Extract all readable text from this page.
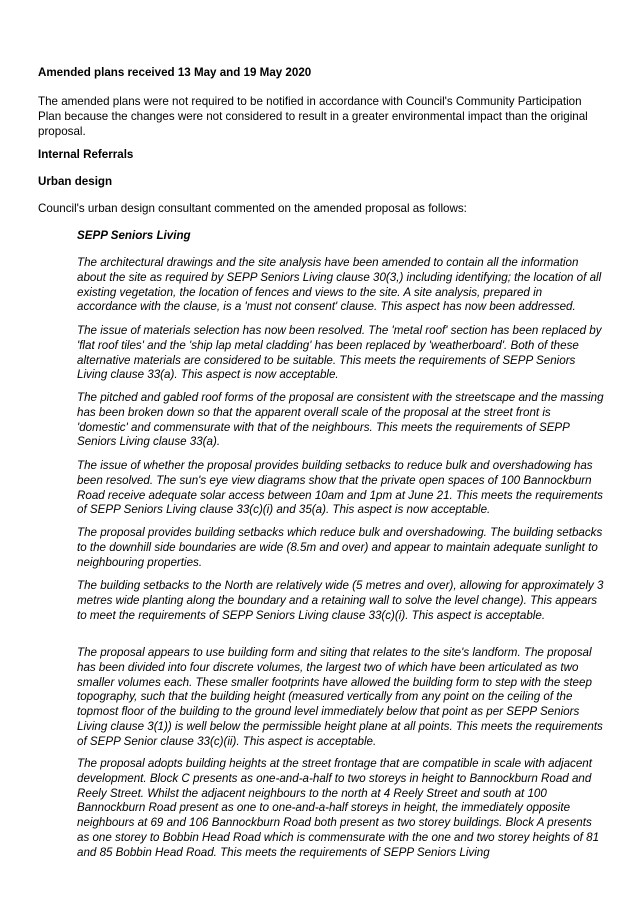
Amended plans received 13 May and 19 May 2020

The amended plans were not required to be notified in accordance with Council's Community Participation Plan because the changes were not considered to result in a greater environmental impact than the original proposal.

Internal Referrals

Urban design

Council's urban design consultant commented on the amended proposal as follows:

SEPP Seniors Living

The architectural drawings and the site analysis have been amended to contain all the information about the site as required by SEPP Seniors Living clause 30(3,) including identifying; the location of all existing vegetation, the location of fences and views to the site. A site analysis, prepared in accordance with the clause, is a 'must not consent' clause. This aspect has now been addressed.

The issue of materials selection has now been resolved. The 'metal roof' section has been replaced by 'flat roof tiles' and the 'ship lap metal cladding' has been replaced by 'weatherboard'. Both of these alternative materials are considered to be suitable. This meets the requirements of SEPP Seniors Living clause 33(a). This aspect is now acceptable.

The pitched and gabled roof forms of the proposal are consistent with the streetscape and the massing has been broken down so that the apparent overall scale of the proposal at the street front is 'domestic' and commensurate with that of the neighbours. This meets the requirements of SEPP Seniors Living clause 33(a).

The issue of whether the proposal provides building setbacks to reduce bulk and overshadowing has been resolved. The sun's eye view diagrams show that the private open spaces of 100 Bannockburn Road receive adequate solar access between 10am and 1pm at June 21. This meets the requirements of SEPP Seniors Living clause 33(c)(i) and 35(a). This aspect is now acceptable.

The proposal provides building setbacks which reduce bulk and overshadowing. The building setbacks to the downhill side boundaries are wide (8.5m and over) and appear to maintain adequate sunlight to neighbouring properties.

The building setbacks to the North are relatively wide (5 metres and over), allowing for approximately 3 metres wide planting along the boundary and a retaining wall to solve the level change). This appears to meet the requirements of SEPP Seniors Living clause 33(c)(i). This aspect is acceptable.

The proposal appears to use building form and siting that relates to the site's landform. The proposal has been divided into four discrete volumes, the largest two of which have been articulated as two smaller volumes each. These smaller footprints have allowed the building form to step with the steep topography, such that the building height (measured vertically from any point on the ceiling of the topmost floor of the building to the ground level immediately below that point as per SEPP Seniors Living clause 3(1)) is well below the permissible height plane at all points. This meets the requirements of SEPP Senior clause 33(c)(ii). This aspect is acceptable.

The proposal adopts building heights at the street frontage that are compatible in scale with adjacent development. Block C presents as one-and-a-half to two storeys in height to Bannockburn Road and Reely Street. Whilst the adjacent neighbours to the north at 4 Reely Street and south at 100 Bannockburn Road present as one to one-and-a-half storeys in height, the immediately opposite neighbours at 69 and 106 Bannockburn Road both present as two storey buildings. Block A presents as one storey to Bobbin Head Road which is commensurate with the one and two storey heights of 81 and 85 Bobbin Head Road. This meets the requirements of SEPP Seniors Living
